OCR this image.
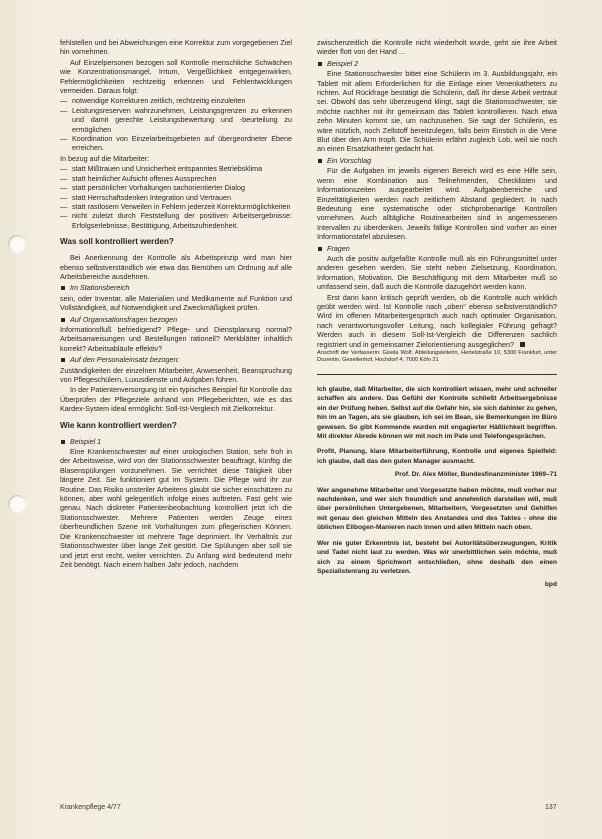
fehlstellen und bei Abweichungen eine Korrektur zum vorgegebenen Ziel hin vornehmen.

Auf Einzelpersonen bezogen soll Kontrolle menschliche Schwächen wie Konzentrationsmangel, Irrtum, Vergeßlichkeit entgegenwirken, Fehlermöglichkeiten rechtzeitig erkennen und Fehlentwicklungen vermeiden. Daraus folgt:

— notwendige Korrekturen zeitlich, rechtzeitig einzuleiten
— Leistungsreserven wahrzunehmen, Leistungsgrenzen zu erkennen und damit gerechte Leistungsbewertung und -beurteilung zu ermöglichen
— Koordination von Einzelarbeitsgebieten auf übergeordneter Ebene erreichen.

In bezug auf die Mitarbeiter:

— statt Mißtrauen und Unsicherheit entspanntes Betriebsklima
— statt heimlicher Aufsicht offenes Aussprechen
— statt persönlicher Vorhaltungen sachorientierter Dialog
— statt Herrschaftsdenken Integration und Vertrauen
— statt rastlosem Verweilen in Fehlern jederzeit Korrekturmöglichkeiten
— nicht zuletzt durch Feststellung der positiven Arbeitsergebnisse: Erfolgserlebnisse, Bestätigung, Arbeitszufriedenheit.
Was soll kontrolliert werden?

Bei Anerkennung der Kontrolle als Arbeitsprinzip wird man hier ebenso selbstverständlich wie etwa das Bemühen um Ordnung auf alle Arbeitsbereiche ausdehnen.

Im Stationsbereich

sein, oder Inventar, alle Materialien und Medikamente auf Funktion und Vollständigkeit, auf Notwendigkeit und Zweckmäßigkeit prüfen.

Auf Organisationsfragen bezogen

Informationsfluß befriedigend? Pflege- und Dienstplanung normal? Arbeitsanweisungen und Bestellungen rationell? Merkblätter inhaltlich korrekt? Arbeitsabläufe effektiv?

Auf den Personaleinsatz bezogen:

Zuständigkeiten der einzelnen Mitarbeiter, Anwesenheit, Beanspruchung von Pflegeschülern, Luxusdienste und Aufgaben führen.

In der Patientenversorgung ist ein typisches Beispiel für Kontrolle das Überprüfen der Pflegeziele anhand von Pflegeberichten, wie es das Kardex-System ideal ermöglicht: Soll-Ist-Vergleich mit Zielkorrektur.

Wie kann kontrolliert werden?
Beispiel 1

Eine Krankenschwester auf einer urologischen Station, sehr froh in der Arbeitsweise, wird von der Stationsschwester beauftragt, künftig die Blasenspülungen vorzunehmen. Sie verrichtet diese Tätigkeit über längere Zeit. Sie funktioniert gut im System. Die Pflege wird ihr zur Routine. Das Risiko unsteriler Arbeitens glaubt sie sicher einschätzen zu können, aber wohl gelegentlich infolge eines auftreten. Fast geht wie genau. Nach diskreter Patientenbeobachtung kontrolliert jetzt ich die Stationsschwester. Mehrere Patienten werden Zeuge eines überfreundlichen Szene mit Vorhaltungen zum pflegerischen Können. Die Krankenschwester ist mehrere Tage deprimiert. Ihr Verhältnis zur Stationsschwester über lange Zeit gestört. Die Spülungen aber soll sie und jetzt erst recht, weiter verrichten. Zu Anfang wird bedeutend mehr Zeit benötigt. Nach einem halben Jahr jedoch, nachdem

zwischenzeitlich die Kontrolle nicht wiederholt wurde, geht sie ihre Arbeit wieder flott von der Hand ...

Beispiel 2

Eine Stationsschwester bittet eine Schülerin im 3. Ausbildungsjahr, ein Tablett mit allem Erforderlichen für die Einlage einer Venenkatheters zu richten. Auf Rückfrage bestätigt die Schülerin, daß ihr diese Arbeit vertraut sei. Obwohl das sehr überzeugend klingt, sagt die Stationsschwester, sie möchte nachher mit ihr gemeinsam das Tablett kontrollieren. Nach etwa zehn Minuten kommt sie, um nachzusehen. Sie sagt der Schülerin, es wäre nützlich, noch Zellstoff bereitzulegen, falls beim Einstich in die Vene Blut über den Arm tropft. Die Schülerin erfährt zugleich Lob, weil sie noch an einen Ersatzkatheter gedacht hat.

Ein Vorschlag

Für die Aufgaben im jeweils eigenen Bereich wird es eine Hilfe sein, wenn eine Kombination aus Teilnehmenden, Checklisten und Informationszeiten ausgearbeitet wird. Aufgabenbereiche und Einzeltätigkeiten werden nach zeitlichem Abstand gegliedert. In nach Bedeutung eine systematische oder stichprobenartige Kontrollen vornehmen. Auch alltägliche Routinearbeiten sind in angemessenen Intervallen zu überdenken. Jeweils fällige Kontrollen sind vorher an einer Informationstafel abzulesen.

Fragen

Auch die positiv aufgefaßte Kontrolle muß als ein Führungsmittel unter anderen gesehen werden. Sie steht neben Zielsetzung, Koordination, Information, Motivation. Die Beschäftigung mit dem Mitarbeiter muß so umfassend sein, daß auch die Kontrolle dazugehört werden kann.

Erst dann kann kritisch geprüft werden, ob die Kontrolle auch wirklich geübt werden wird. Ist Kontrolle nach „oben“ ebenso selbstverständlich? Wird im offenen Mitarbeitergespräch auch nach optimaler Organisation, nach verantwortungsvoller Leitung, nach kollegialer Führung gefragt? Werden auch in diesem Soll-Ist-Vergleich die Differenzen sachlich registriert und in gemeinsamer Zielorientierung ausgeglichen?

Anschrift der Verfasserin: Gisela Wolf, Abteilungsleiterin, Hertelstraße 10, 5300 Frankfurt, unter Dozentin, Gesellenhof, Hochdorf 4, 7000 Köln 21

Ich glaube, daß Mitarbeiter, die sich kontrolliert wissen, mehr und schneller schaffen als andere. Das Gefühl der Kontrolle schließt Arbeitsergebnisse ein der Prüfung heben. Selbst auf die Gefahr hin, sie sich dahinter zu gehen, hin im an Tagen, als sie glauben, ich sei im Bean, sie Bemerkungen im Büro gewesen. So gibt Kommende wurden mit engagierter Häßlichkeit begriffen. Mit direkter Abrede können wir mit noch im Pate und Telefongesprächen.

Profit, Planung, klare Mitarbeiterführung, Kontrolle und eigenes Spielfeld: ich glaube, daß das den guten Manager ausmacht.

Prof. Dr. Alex Möller, Bundesfinanzminister 1969–71

Wer angenehme Mitarbeiter und Vorgesetzte haben möchte, muß vorher nur nachdenken, und wer sich freundlich und annehmlich darstellen will, muß über persönlichen Untergebenen, Mitarbeitern, Vorgesetzten und Gehilfen mit genau den gleichen Mitteln des Anstandes und des Taktes - ohne die üblichen Ellbogen-Manieren nach innen und allen Mitteln nach oben.

Wer nie guter Erkenntnis ist, besteht bei Autoritätsüberzeugungen, Kritik und Tadel nicht laut zu werden. Was wir unerbittlichen sein möchte, muß sich zu einem Sprichwort entschließen, ohne deshalb den einen Spezialistenrang zu verletzen.

bpd

Krankenpflege 4/77	137
